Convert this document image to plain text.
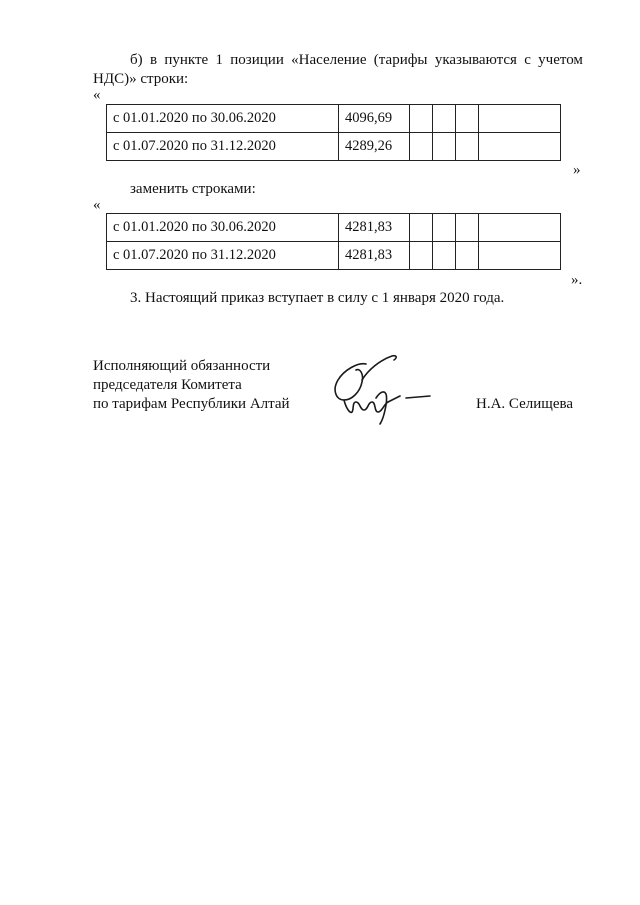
б) в пункте 1 позиции «Население (тарифы указываются с учетом
НДС)» строки:
«
с 01.01.2020 по 30.06.2020	4096,69				
с 01.07.2020 по 31.12.2020	4289,26				
»
заменить строками:
«
с 01.01.2020 по 30.06.2020	4281,83				
с 01.07.2020 по 31.12.2020	4281,83				
».
3. Настоящий приказ вступает в силу с 1 января 2020 года.
Исполняющий обязанности
председателя Комитета
по тарифам Республики Алтай	Н.А. Селищева
